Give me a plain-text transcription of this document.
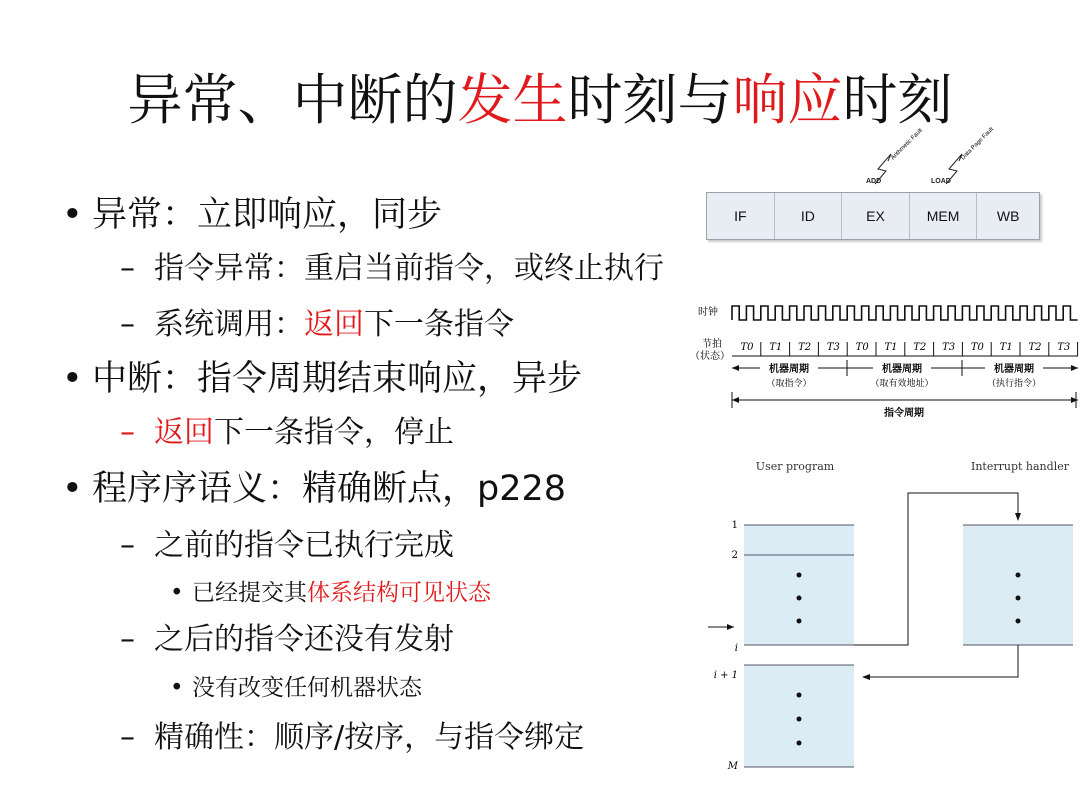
异常、中断的发生时刻与响应时刻
• 异常：立即响应，同步
– 指令异常：重启当前指令，或终止执行
– 系统调用：返回下一条指令
• 中断：指令周期结束响应，异步
– 返回下一条指令，停止
• 程序序语义：精确断点，p228
– 之前的指令已执行完成
• 已经提交其体系结构可见状态
– 之后的指令还没有发射
• 没有改变任何机器状态
– 精确性：顺序/按序，与指令绑定
Arithmetic Fault	Data Page Fault
ADD	LOAD
IF	ID	EX	MEM	WB
时钟
节拍
（状态）
T0 T1 T2 T3 T0 T1 T2 T3 T0 T1 T2 T3
机器周期
（取指令）
机器周期
（取有效地址）
机器周期
（执行指令）
指令周期
User program	Interrupt handler
1
2
i
i + 1
M
